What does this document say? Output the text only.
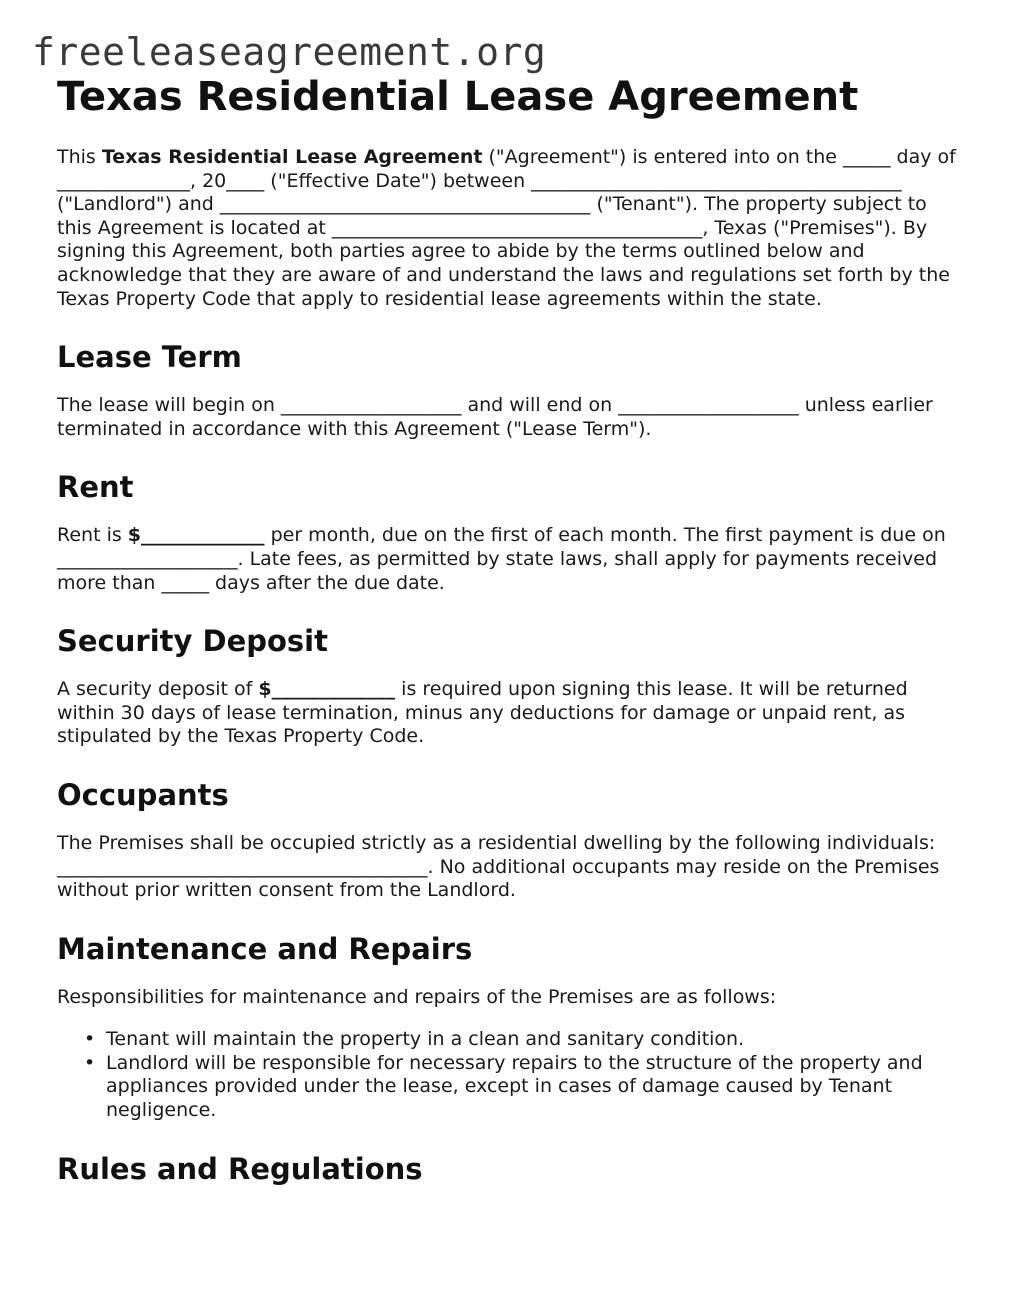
freeleaseagreement.org
Texas Residential Lease Agreement

This Texas Residential Lease Agreement ("Agreement") is entered into on the _____ day of ______________, 20____ ("Effective Date") between _______________________________________ ("Landlord") and _______________________________________ ("Tenant"). The property subject to this Agreement is located at _______________________________________, Texas ("Premises"). By signing this Agreement, both parties agree to abide by the terms outlined below and acknowledge that they are aware of and understand the laws and regulations set forth by the Texas Property Code that apply to residential lease agreements within the state.

Lease Term

The lease will begin on ___________________ and will end on ___________________ unless earlier terminated in accordance with this Agreement ("Lease Term").

Rent

Rent is $_____________ per month, due on the first of each month. The first payment is due on ___________________. Late fees, as permitted by state laws, shall apply for payments received more than _____ days after the due date.

Security Deposit

A security deposit of $_____________ is required upon signing this lease. It will be returned within 30 days of lease termination, minus any deductions for damage or unpaid rent, as stipulated by the Texas Property Code.

Occupants

The Premises shall be occupied strictly as a residential dwelling by the following individuals: _______________________________________. No additional occupants may reside on the Premises without prior written consent from the Landlord.

Maintenance and Repairs

Responsibilities for maintenance and repairs of the Premises are as follows:

• Tenant will maintain the property in a clean and sanitary condition.
• Landlord will be responsible for necessary repairs to the structure of the property and appliances provided under the lease, except in cases of damage caused by Tenant negligence.
Rules and Regulations
